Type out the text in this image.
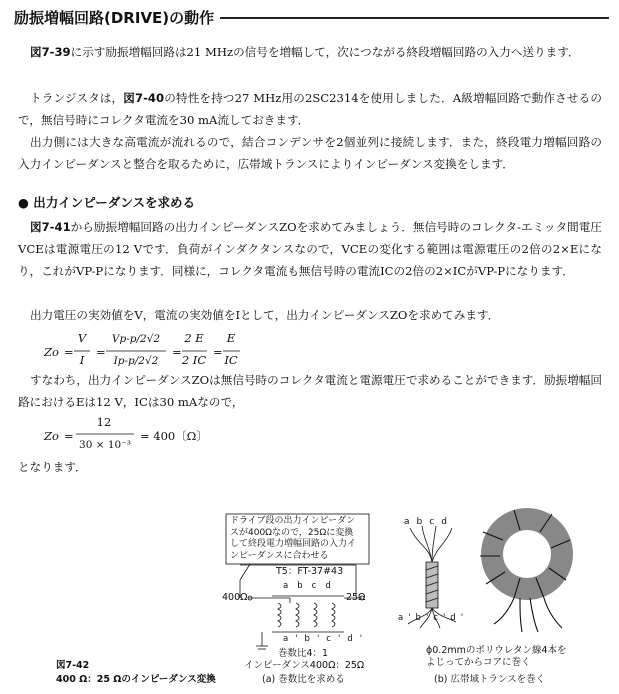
励振増幅回路(DRIVE)の動作
図7-39に示す励振増幅回路は21 MHzの信号を増幅して，次につながる終段増幅回路の入力へ送ります．
トランジスタは，図7-40の特性を持つ27 MHz用の2SC2314を使用しました．A級増幅回路で動作させるので，無信号時にコレクタ電流を30 mA流しておきます．
出力側には大きな高電流が流れるので，結合コンデンサを2個並列に接続します．また，終段電力増幅回路の入力インピーダンスと整合を取るために，広帯域トランスによりインピーダンス変換をします．
● 出力インピーダンスを求める
図7-41から励振増幅回路の出力インピーダンスZOを求めてみましょう．無信号時のコレクタ-エミッタ間電圧VCEは電源電圧の12 Vです．負荷がインダクタンスなので，VCEの変化する範囲は電源電圧の2倍の2×Eになり，これがVP-Pになります．同様に，コレクタ電流も無信号時の電流ICの2倍の2×ICがVP-Pになります．
出力電圧の実効値をV，電流の実効値をIとして，出力インピーダンスZOを求めてみます．
Zo =
V
I
=
Vp-p/2√2
Ip-p/2√2
=
2 E
2 IC
=
E
IC
Zo =
12
30 × 10⁻³
= 400〔Ω〕
すなわち，出力インピーダンスZOは無信号時のコレクタ電流と電源電圧で求めることができます．励振増幅回路におけるEは12 V，ICは30 mAなので，
となります．
ドライブ段の出力インピーダン
スが400Ωなので，25Ωに変換
して終段電力増幅回路の入力イ
ンピーダンスに合わせる
T5：FT-37#43
400Ω	25Ω
abcd
a'b'c'd'
巻数比4：1
インピーダンス400Ω：25Ω
(a) 巻数比を求める
abcd
a'b'c'd'
ϕ0.2mmのポリウレタン線4本を
よじってからコアに巻く
(b) 広帯域トランスを巻く
図7-42
400 Ω：25 Ωのインピーダンス変換
